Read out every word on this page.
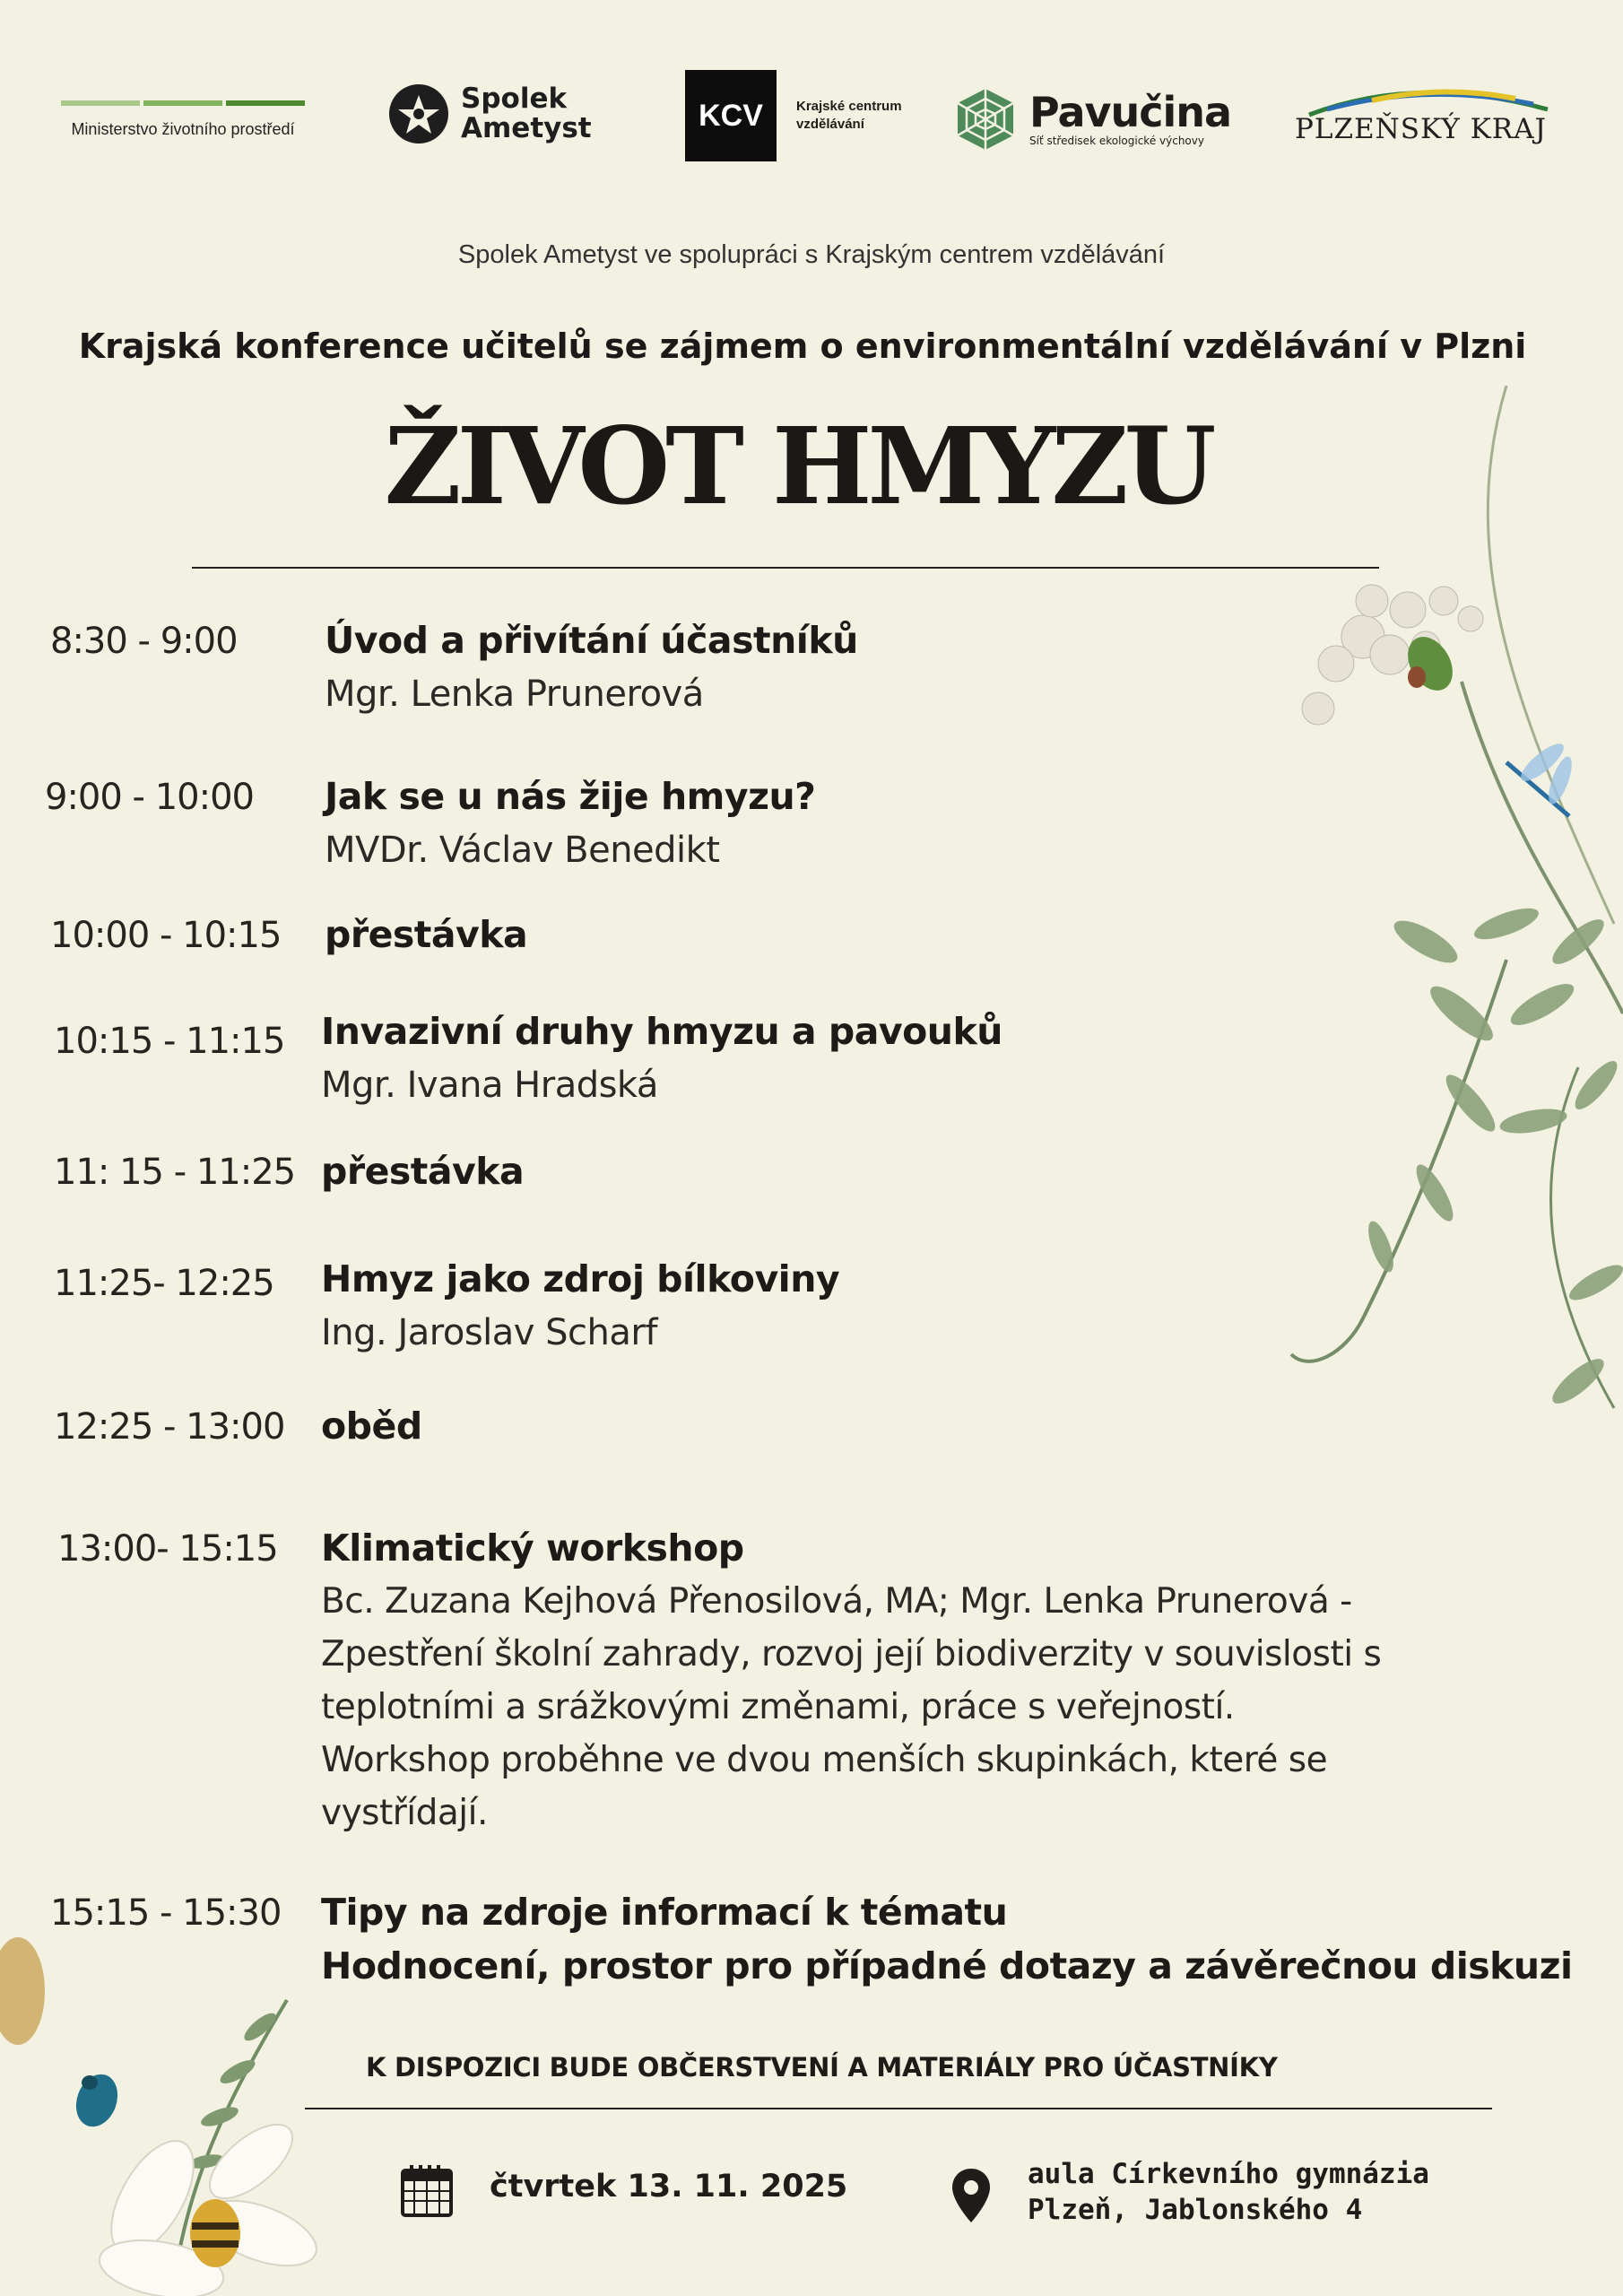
Ministerstvo životního prostředí
Spolek
Ametyst	KCV	Krajské centrum
vzdělávání	Pavučina
Síť středisek ekologické výchovy	PLZEŇSKÝ KRAJ
Spolek Ametyst ve spolupráci s Krajským centrem vzdělávání
Krajská konference učitelů se zájmem o environmentální vzdělávání v Plzni
ŽIVOT HMYZU
8:30 - 9:00 Úvod a přivítání účastníků
Mgr. Lenka Prunerová
9:00 - 10:00 Jak se u nás žije hmyzu?
MVDr. Václav Benedikt
10:00 - 10:15 přestávka
10:15 - 11:15 Invazivní druhy hmyzu a pavouků
Mgr. Ivana Hradská
11: 15 - 11:25 přestávka
11:25- 12:25 Hmyz jako zdroj bílkoviny
Ing. Jaroslav Scharf
12:25 - 13:00 oběd
13:00- 15:15 Klimatický workshop
Bc. Zuzana Kejhová Přenosilová, MA; Mgr. Lenka Prunerová -
Zpestření školní zahrady, rozvoj její biodiverzity v souvislosti s
teplotními a srážkovými změnami, práce s veřejností.
Workshop proběhne ve dvou menších skupinkách, které se
vystřídají.
15:15 - 15:30 Tipy na zdroje informací k tématu
Hodnocení, prostor pro případné dotazy a závěrečnou diskuzi
K DISPOZICI BUDE OBČERSTVENÍ A MATERIÁLY PRO ÚČASTNÍKY
čtvrtek 13. 11. 2025	aula Církevního gymnázia
Plzeň, Jablonského 4
